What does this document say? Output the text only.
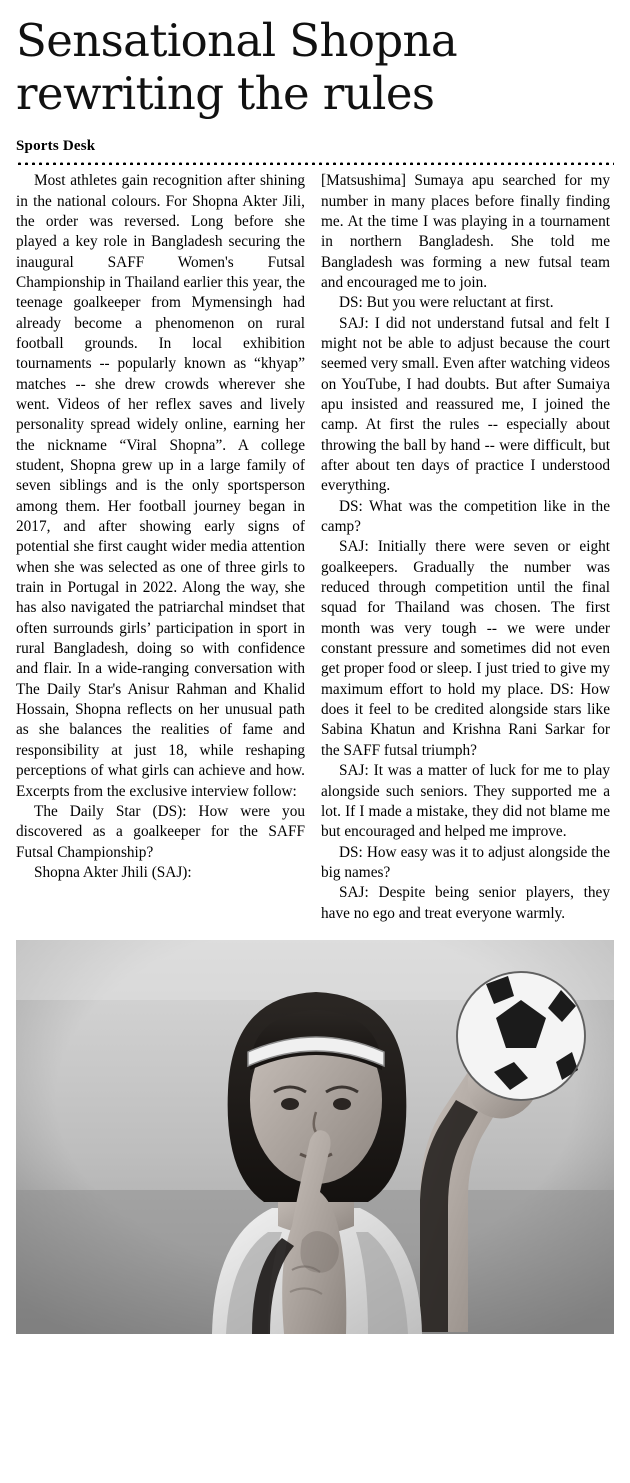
Sensational Shopna rewriting the rules
Sports Desk

Most athletes gain recognition after shining in the national colours. For Shopna Akter Jili, the order was reversed. Long before she played a key role in Bangladesh securing the inaugural SAFF Women's Futsal Championship in Thailand earlier this year, the teenage goalkeeper from Mymensingh had already become a phenomenon on rural football grounds. In local exhibition tournaments -- popularly known as “khyap” matches -- she drew crowds wherever she went. Videos of her reflex saves and lively personality spread widely online, earning her the nickname “Viral Shopna”. A college student, Shopna grew up in a large family of seven siblings and is the only sportsperson among them. Her football journey began in 2017, and after showing early signs of potential she first caught wider media attention when she was selected as one of three girls to train in Portugal in 2022. Along the way, she has also navigated the patriarchal mindset that often surrounds girls’ participation in sport in rural Bangladesh, doing so with confidence and flair. In a wide-ranging conversation with The Daily Star's Anisur Rahman and Khalid Hossain, Shopna reflects on her unusual path as she balances the realities of fame and responsibility at just 18, while reshaping perceptions of what girls can achieve and how. Excerpts from the exclusive interview follow:

The Daily Star (DS): How were you discovered as a goalkeeper for the SAFF Futsal Championship?

Shopna Akter Jhili (SAJ):

[Matsushima] Sumaya apu searched for my number in many places before finally finding me. At the time I was playing in a tournament in northern Bangladesh. She told me Bangladesh was forming a new futsal team and encouraged me to join.

DS: But you were reluctant at first.

SAJ: I did not understand futsal and felt I might not be able to adjust because the court seemed very small. Even after watching videos on YouTube, I had doubts. But after Sumaiya apu insisted and reassured me, I joined the camp. At first the rules -- especially about throwing the ball by hand -- were difficult, but after about ten days of practice I understood everything.

DS: What was the competition like in the camp?

SAJ: Initially there were seven or eight goalkeepers. Gradually the number was reduced through competition until the final squad for Thailand was chosen. The first month was very tough -- we were under constant pressure and sometimes did not even get proper food or sleep. I just tried to give my maximum effort to hold my place. DS: How does it feel to be credited alongside stars like Sabina Khatun and Krishna Rani Sarkar for the SAFF futsal triumph?

SAJ: It was a matter of luck for me to play alongside such seniors. They supported me a lot. If I made a mistake, they did not blame me but encouraged and helped me improve.

DS: How easy was it to adjust alongside the big names?

SAJ: Despite being senior players, they have no ego and treat everyone warmly.
